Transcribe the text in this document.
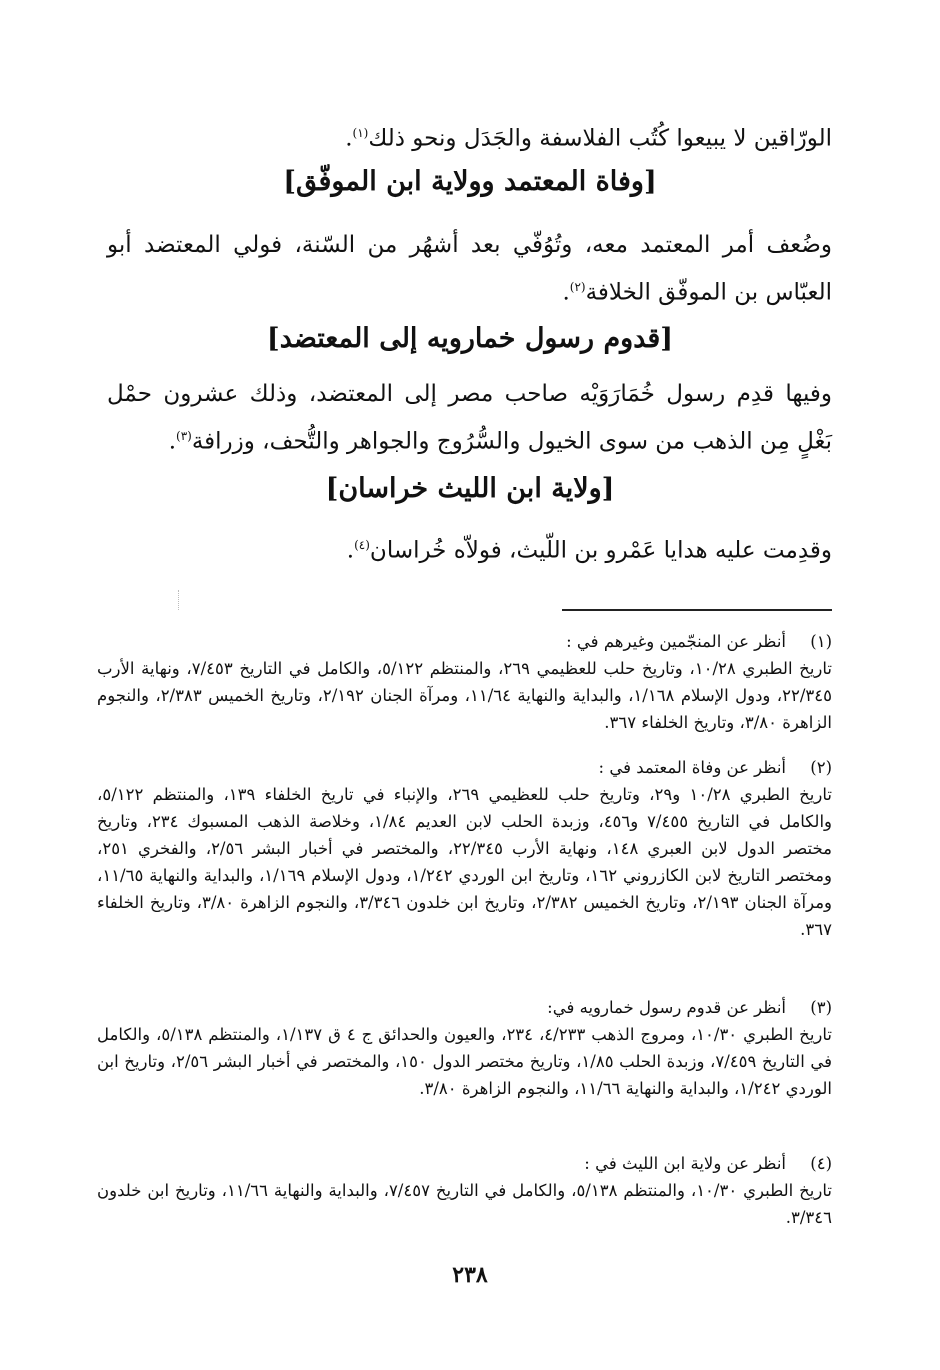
الورّاقين لا يبيعوا كُتُب الفلاسفة والجَدَل ونحو ذلك$^{(١)}$.

[وفاة المعتمد وولاية ابن الموفّق]

وضُعف أمر المعتمد معه، وتُوُفّي بعد أشهُر من السّنة، فولي المعتضد أبو العبّاس بن الموفّق الخلافة$^{(٢)}$.

[قدوم رسول خمارويه إلى المعتضد]

وفيها قدِم رسول خُمَارَوَيْه صاحب مصر إلى المعتضد، وذلك عشرون حمْل بَغْلٍ مِن الذهب من سوى الخيول والسُّرُوج والجواهر والتُّحف، وزرافة$^{(٣)}$.

[ولاية ابن الليث خراسان]

وقدِمت عليه هدايا عَمْرو بن اللّيث، فولاّه خُراسان$^{(٤)}$.

(١)
أنظر عن المنجّمين وغيرهم في :
تاريخ الطبري ١٠/٢٨، وتاريخ حلب للعظيمي ٢٦٩، والمنتظم ٥/١٢٢، والكامل في التاريخ ٧/٤٥٣، ونهاية الأرب ٢٢/٣٤٥، ودول الإسلام ١/١٦٨، والبداية والنهاية ١١/٦٤، ومرآة الجنان ٢/١٩٢، وتاريخ الخميس ٢/٣٨٣، والنجوم الزاهرة ٣/٨٠، وتاريخ الخلفاء ٣٦٧.
(٢)
أنظر عن وفاة المعتمد في :
تاريخ الطبري ١٠/٢٨ و٢٩، وتاريخ حلب للعظيمي ٢٦٩، والإنباء في تاريخ الخلفاء ١٣٩، والمنتظم ٥/١٢٢، والكامل في التاريخ ٧/٤٥٥ و٤٥٦، وزبدة الحلب لابن العديم ١/٨٤، وخلاصة الذهب المسبوك ٢٣٤، وتاريخ مختصر الدول لابن العبري ١٤٨، ونهاية الأرب ٢٢/٣٤٥، والمختصر في أخبار البشر ٢/٥٦، والفخري ٢٥١، ومختصر التاريخ لابن الكازروني ١٦٢، وتاريخ ابن الوردي ١/٢٤٢، ودول الإسلام ١/١٦٩، والبداية والنهاية ١١/٦٥، ومرآة الجنان ٢/١٩٣، وتاريخ الخميس ٢/٣٨٢، وتاريخ ابن خلدون ٣/٣٤٦، والنجوم الزاهرة ٣/٨٠، وتاريخ الخلفاء ٣٦٧.
(٣)
أنظر عن قدوم رسول خمارويه في:
تاريخ الطبري ١٠/٣٠، ومروج الذهب ٤/٢٣٣، ٢٣٤، والعيون والحدائق ج ٤ ق ١/١٣٧، والمنتظم ٥/١٣٨، والكامل في التاريخ ٧/٤٥٩، وزبدة الحلب ١/٨٥، وتاريخ مختصر الدول ١٥٠، والمختصر في أخبار البشر ٢/٥٦، وتاريخ ابن الوردي ١/٢٤٢، والبداية والنهاية ١١/٦٦، والنجوم الزاهرة ٣/٨٠.
(٤)
أنظر عن ولاية ابن الليث في :
تاريخ الطبري ١٠/٣٠، والمنتظم ٥/١٣٨، والكامل في التاريخ ٧/٤٥٧، والبداية والنهاية ١١/٦٦، وتاريخ ابن خلدون ٣/٣٤٦.
٢٣٨
